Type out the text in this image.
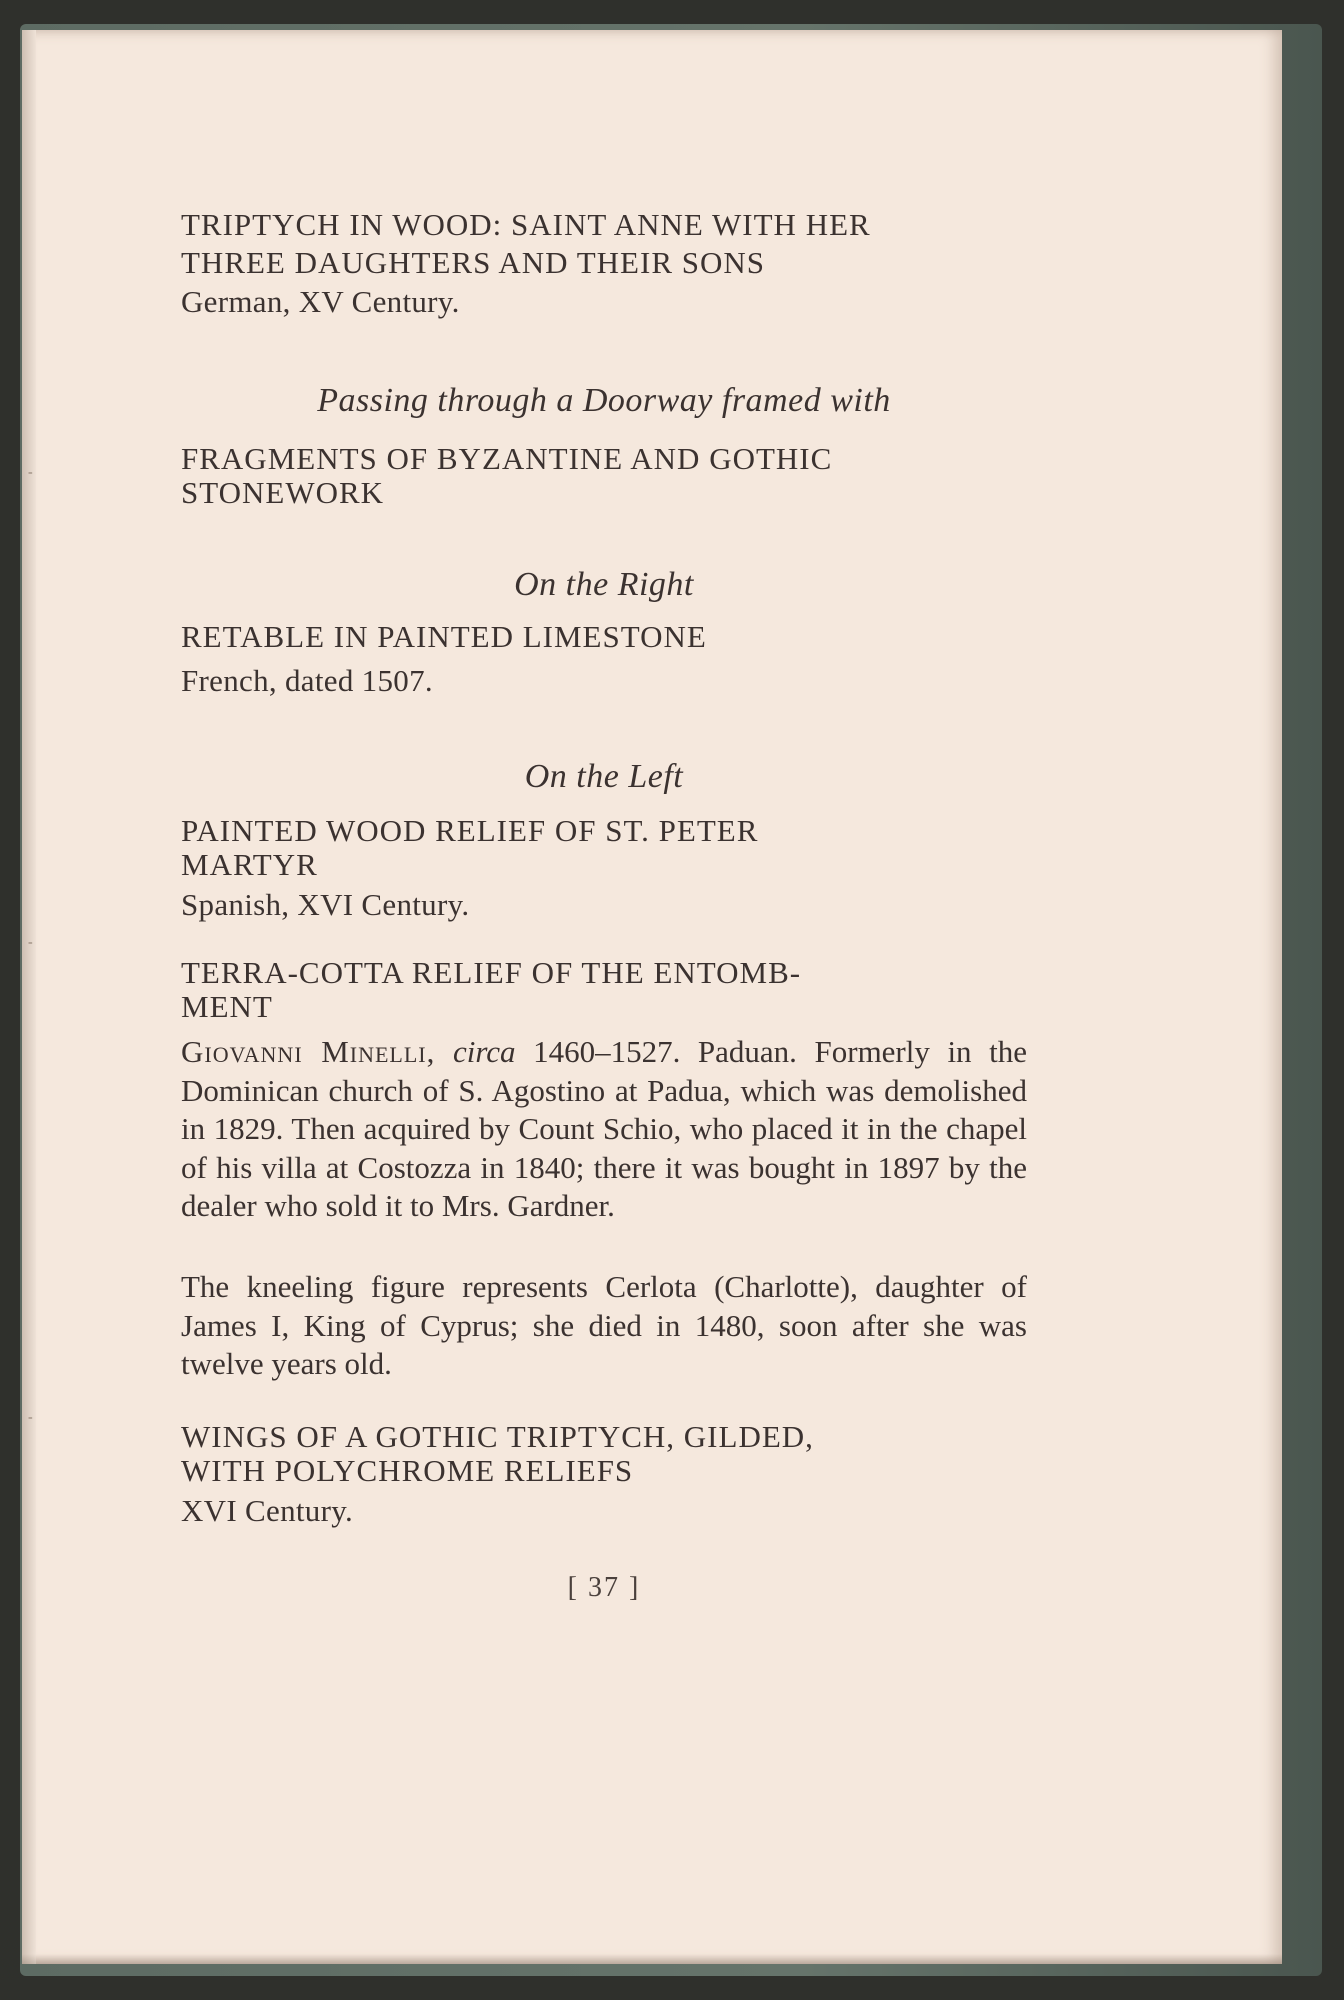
-
-
-

TRIPTYCH IN WOOD: SAINT ANNE WITH HER

THREE DAUGHTERS AND THEIR SONS

German, XV Century.

Passing through a Doorway framed with

FRAGMENTS OF BYZANTINE AND GOTHIC

STONEWORK

On the Right

RETABLE IN PAINTED LIMESTONE

French, dated 1507.

On the Left

PAINTED WOOD RELIEF OF ST. PETER

MARTYR

Spanish, XVI Century.

TERRA-COTTA RELIEF OF THE ENTOMB-

MENT

Giovanni Minelli, circa 1460–1527. Paduan. Formerly in the Dominican church of S. Agostino at Padua, which was demolished in 1829. Then acquired by Count Schio, who placed it in the chapel of his villa at Costozza in 1840; there it was bought in 1897 by the dealer who sold it to Mrs. Gardner.

The kneeling figure represents Cerlota (Charlotte), daughter of James I, King of Cyprus; she died in 1480, soon after she was twelve years old.

WINGS OF A GOTHIC TRIPTYCH, GILDED,

WITH POLYCHROME RELIEFS

XVI Century.

[ 37 ]
